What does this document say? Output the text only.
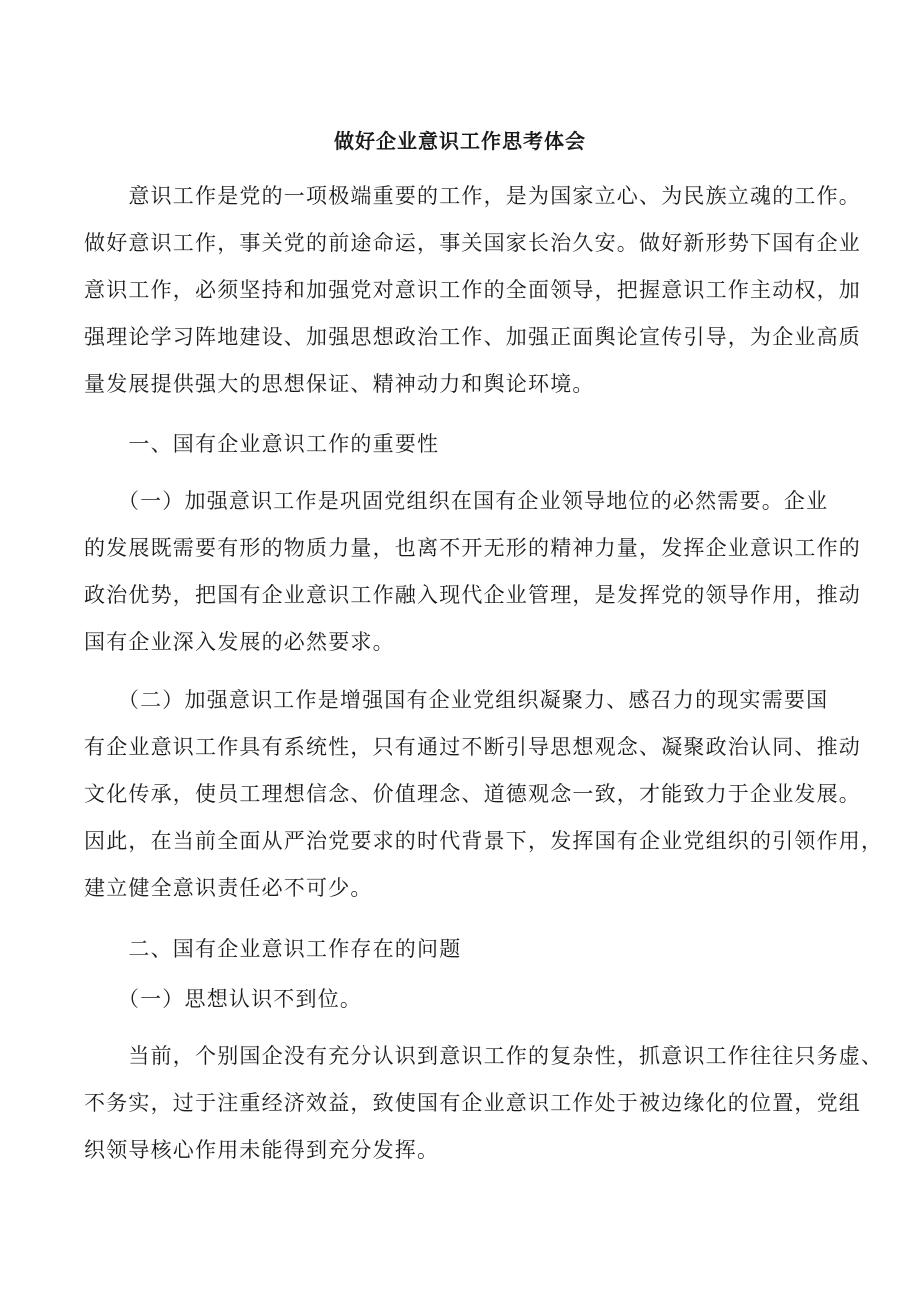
做好企业意识工作思考体会

　　意识工作是党的一项极端重要的工作，是为国家立心、为民族立魂的工作。
做好意识工作，事关党的前途命运，事关国家长治久安。做好新形势下国有企业
意识工作，必须坚持和加强党对意识工作的全面领导，把握意识工作主动权，加
强理论学习阵地建设、加强思想政治工作、加强正面舆论宣传引导，为企业高质
量发展提供强大的思想保证、精神动力和舆论环境。

　　一、国有企业意识工作的重要性

　　（一）加强意识工作是巩固党组织在国有企业领导地位的必然需要。企业
的发展既需要有形的物质力量，也离不开无形的精神力量，发挥企业意识工作的
政治优势，把国有企业意识工作融入现代企业管理，是发挥党的领导作用，推动
国有企业深入发展的必然要求。

　　（二）加强意识工作是增强国有企业党组织凝聚力、感召力的现实需要国
有企业意识工作具有系统性，只有通过不断引导思想观念、凝聚政治认同、推动
文化传承，使员工理想信念、价值理念、道德观念一致，才能致力于企业发展。
因此，在当前全面从严治党要求的时代背景下，发挥国有企业党组织的引领作用，
建立健全意识责任必不可少。

　　二、国有企业意识工作存在的问题

　　（一）思想认识不到位。

　　当前，个别国企没有充分认识到意识工作的复杂性，抓意识工作往往只务虚、
不务实，过于注重经济效益，致使国有企业意识工作处于被边缘化的位置，党组
织领导核心作用未能得到充分发挥。
